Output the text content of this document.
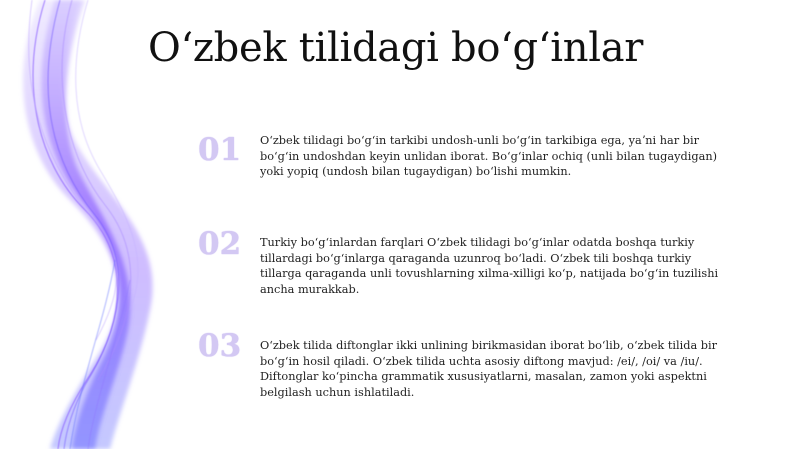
Oʻzbek tilidagi boʻgʻinlar
01 Oʻzbek tilidagi boʻgʻin tarkibi undosh-unli boʻgʻin tarkibiga ega, yaʼni har bir boʻgʻin undoshdan keyin unlidan iborat. Boʻgʻinlar ochiq (unli bilan tugaydigan) yoki yopiq (undosh bilan tugaydigan) boʻlishi mumkin.

02 Turkiy boʻgʻinlardan farqlari Oʻzbek tilidagi boʻgʻinlar odatda boshqa turkiy tillardagi boʻgʻinlarga qaraganda uzunroq boʻladi. Oʻzbek tili boshqa turkiy tillarga qaraganda unli tovushlarning xilma-xilligi koʻp, natijada boʻgʻin tuzilishi ancha murakkab.

03 Oʻzbek tilida diftonglar ikki unlining birikmasidan iborat boʻlib, oʻzbek tilida bir boʻgʻin hosil qiladi. Oʻzbek tilida uchta asosiy diftong mavjud: /ei/, /oi/ va /iu/. Diftonglar koʻpincha grammatik xususiyatlarni, masalan, zamon yoki aspektni belgilash uchun ishlatiladi.
